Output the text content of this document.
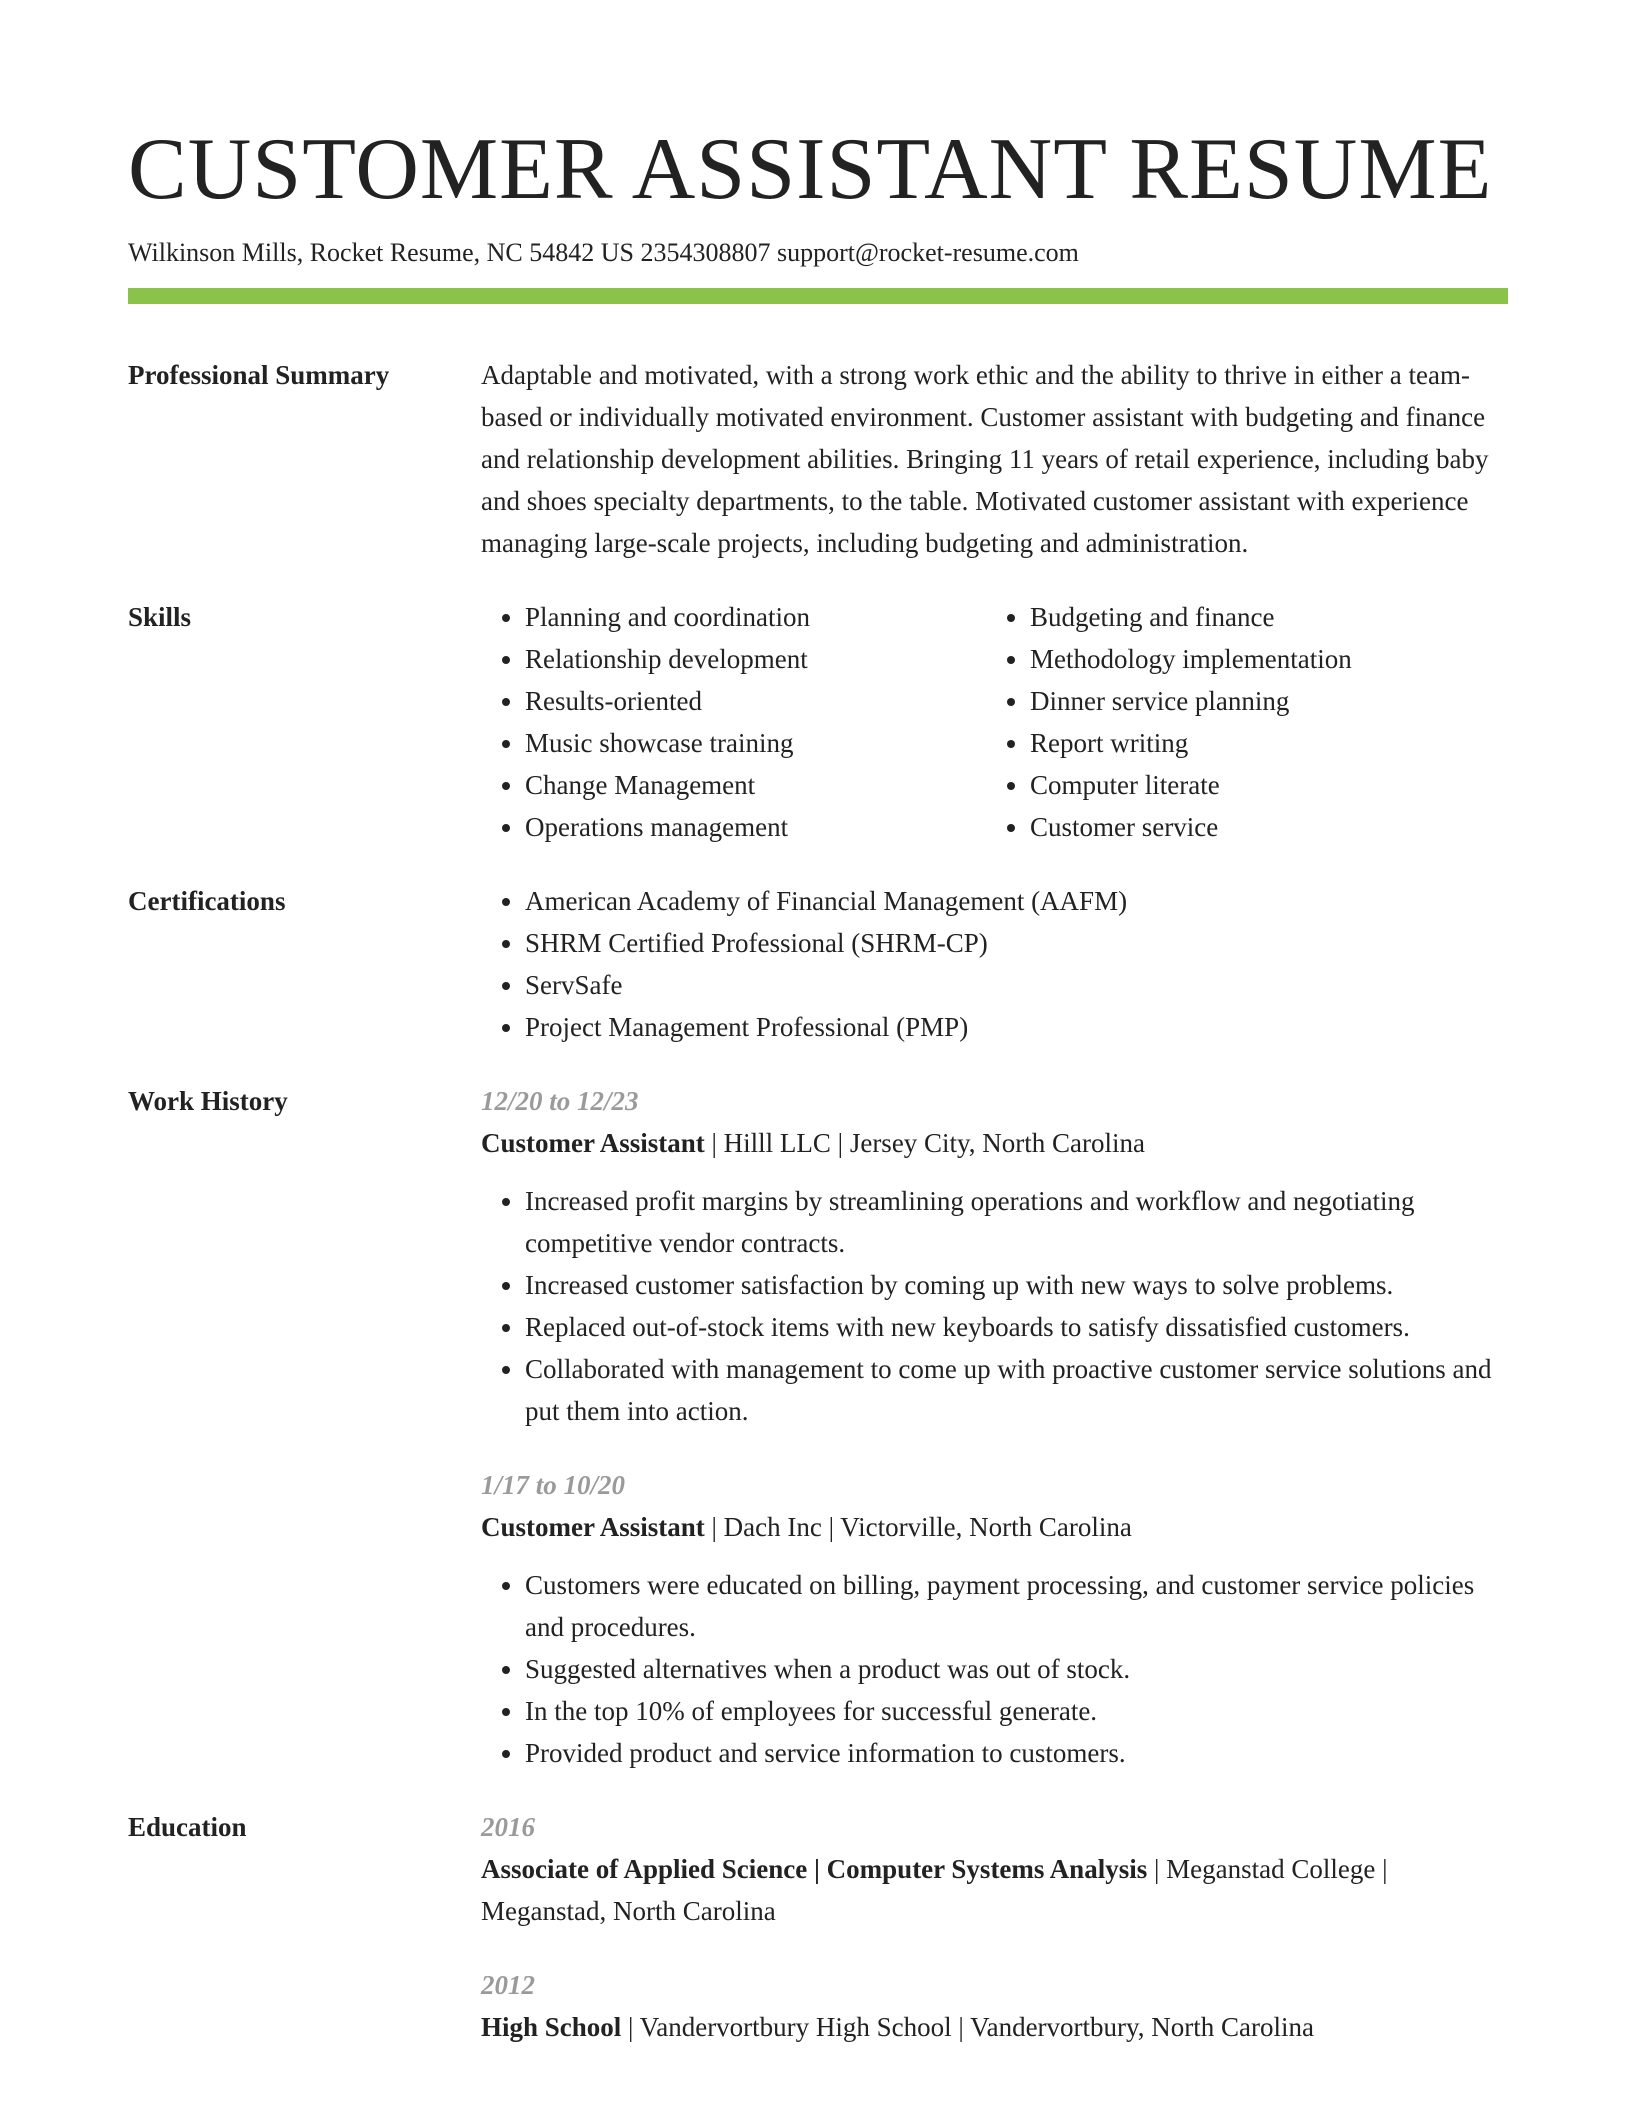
CUSTOMER ASSISTANT RESUME
Wilkinson Mills, Rocket Resume, NC 54842 US 2354308807 support@rocket-resume.com
Professional Summary	Adaptable and motivated, with a strong work ethic and the ability to thrive in either a team-based or individually motivated environment. Customer assistant with budgeting and finance and relationship development abilities. Bringing 11 years of retail experience, including baby and shoes specialty departments, to the table. Motivated customer assistant with experience managing large-scale projects, including budgeting and administration.
Skills	• Planning and coordination
• Relationship development
• Results-oriented
• Music showcase training
• Change Management
• Operations management
• Budgeting and finance
• Methodology implementation
• Dinner service planning
• Report writing
• Computer literate
• Customer service
Certifications	• American Academy of Financial Management (AAFM)
• SHRM Certified Professional (SHRM-CP)
• ServSafe
• Project Management Professional (PMP)
Work History	12/20 to 12/23
Customer Assistant | Hilll LLC | Jersey City, North Carolina
• Increased profit margins by streamlining operations and workflow and negotiating competitive vendor contracts.
• Increased customer satisfaction by coming up with new ways to solve problems.
• Replaced out-of-stock items with new keyboards to satisfy dissatisfied customers.
• Collaborated with management to come up with proactive customer service solutions and put them into action.
1/17 to 10/20
Customer Assistant | Dach Inc | Victorville, North Carolina
• Customers were educated on billing, payment processing, and customer service policies and procedures.
• Suggested alternatives when a product was out of stock.
• In the top 10% of employees for successful generate.
• Provided product and service information to customers.
Education	2016
Associate of Applied Science | Computer Systems Analysis | Meganstad College | Meganstad, North Carolina
2012
High School | Vandervortbury High School | Vandervortbury, North Carolina
